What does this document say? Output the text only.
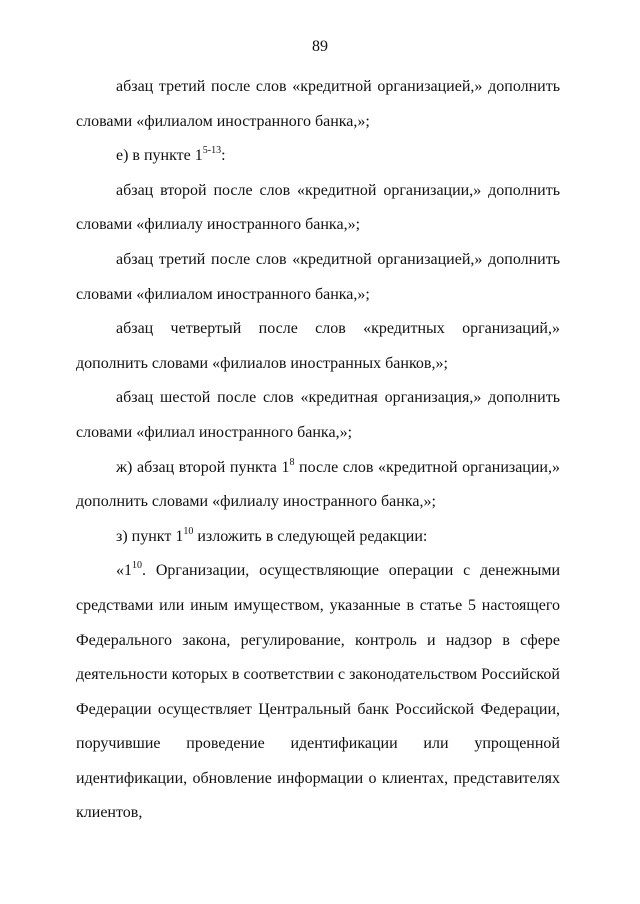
89

абзац третий после слов «кредитной организацией,» дополнить словами «филиалом иностранного банка,»;

е) в пункте 1$^{5-13}$:

абзац второй после слов «кредитной организации,» дополнить словами «филиалу иностранного банка,»;

абзац третий после слов «кредитной организацией,» дополнить словами «филиалом иностранного банка,»;

абзац четвертый после слов «кредитных организаций,» дополнить словами «филиалов иностранных банков,»;

абзац шестой после слов «кредитная организация,» дополнить словами «филиал иностранного банка,»;

ж) абзац второй пункта $1^8$ после слов «кредитной организации,» дополнить словами «филиалу иностранного банка,»;

з) пункт $1^{10}$ изложить в следующей редакции:

«$1^{10}$. Организации, осуществляющие операции с денежными средствами или иным имуществом, указанные в статье 5 настоящего Федерального закона, регулирование, контроль и надзор в сфере деятельности которых в соответствии с законодательством Российской Федерации осуществляет Центральный банк Российской Федерации, поручившие проведение идентификации или упрощенной идентификации, обновление информации о клиентах, представителях клиентов,
